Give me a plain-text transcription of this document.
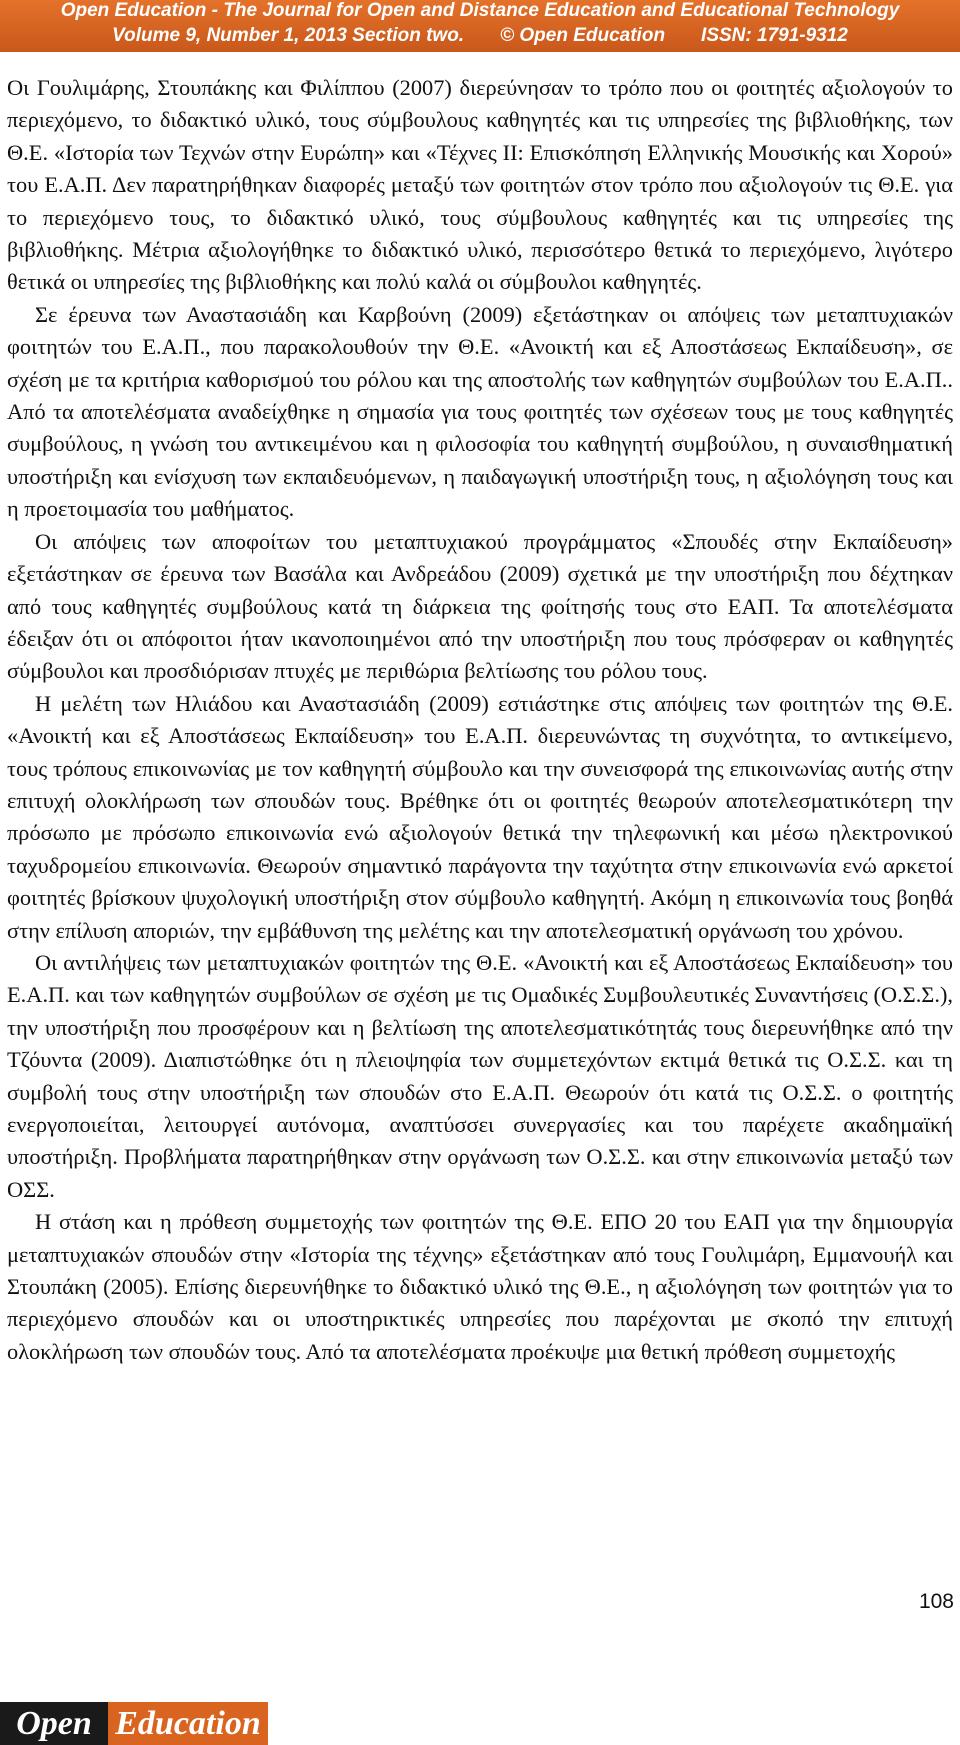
Open Education - The Journal for Open and Distance Education and Educational Technology
Volume 9, Number 1, 2013 Section two. © Open Education ISSN: 1791-9312

Οι Γουλιμάρης, Στουπάκης και Φιλίππου (2007) διερεύνησαν το τρόπο που οι φοιτητές αξιολογούν το περιεχόμενο, το διδακτικό υλικό, τους σύμβουλους καθηγητές και τις υπηρεσίες της βιβλιοθήκης, των Θ.Ε. «Ιστορία των Τεχνών στην Ευρώπη» και «Τέχνες ΙΙ: Επισκόπηση Ελληνικής Μουσικής και Χορού» του Ε.Α.Π. Δεν παρατηρήθηκαν διαφορές μεταξύ των φοιτητών στον τρόπο που αξιολογούν τις Θ.Ε. για το περιεχόμενο τους, το διδακτικό υλικό, τους σύμβουλους καθηγητές και τις υπηρεσίες της βιβλιοθήκης. Μέτρια αξιολογήθηκε το διδακτικό υλικό, περισσότερο θετικά το περιεχόμενο, λιγότερο θετικά οι υπηρεσίες της βιβλιοθήκης και πολύ καλά οι σύμβουλοι καθηγητές.

Σε έρευνα των Αναστασιάδη και Καρβούνη (2009) εξετάστηκαν οι απόψεις των μεταπτυχιακών φοιτητών του Ε.Α.Π., που παρακολουθούν την Θ.Ε. «Ανοικτή και εξ Αποστάσεως Εκπαίδευση», σε σχέση με τα κριτήρια καθορισμού του ρόλου και της αποστολής των καθηγητών συμβούλων του Ε.Α.Π.. Από τα αποτελέσματα αναδείχθηκε η σημασία για τους φοιτητές των σχέσεων τους με τους καθηγητές συμβούλους, η γνώση του αντικειμένου και η φιλοσοφία του καθηγητή συμβούλου, η συναισθηματική υποστήριξη και ενίσχυση των εκπαιδευόμενων, η παιδαγωγική υποστήριξη τους, η αξιολόγηση τους και η προετοιμασία του μαθήματος.

Οι απόψεις των αποφοίτων του μεταπτυχιακού προγράμματος «Σπουδές στην Εκπαίδευση» εξετάστηκαν σε έρευνα των Βασάλα και Ανδρεάδου (2009) σχετικά με την υποστήριξη που δέχτηκαν από τους καθηγητές συμβούλους κατά τη διάρκεια της φοίτησής τους στο ΕΑΠ. Τα αποτελέσματα έδειξαν ότι οι απόφοιτοι ήταν ικανοποιημένοι από την υποστήριξη που τους πρόσφεραν οι καθηγητές σύμβουλοι και προσδιόρισαν πτυχές με περιθώρια βελτίωσης του ρόλου τους.

Η μελέτη των Ηλιάδου και Αναστασιάδη (2009) εστιάστηκε στις απόψεις των φοιτητών της Θ.Ε. «Ανοικτή και εξ Αποστάσεως Εκπαίδευση» του Ε.Α.Π. διερευνώντας τη συχνότητα, το αντικείμενο, τους τρόπους επικοινωνίας με τον καθηγητή σύμβουλο και την συνεισφορά της επικοινωνίας αυτής στην επιτυχή ολοκλήρωση των σπουδών τους. Βρέθηκε ότι οι φοιτητές θεωρούν αποτελεσματικότερη την πρόσωπο με πρόσωπο επικοινωνία ενώ αξιολογούν θετικά την τηλεφωνική και μέσω ηλεκτρονικού ταχυδρομείου επικοινωνία. Θεωρούν σημαντικό παράγοντα την ταχύτητα στην επικοινωνία ενώ αρκετοί φοιτητές βρίσκουν ψυχολογική υποστήριξη στον σύμβουλο καθηγητή. Ακόμη η επικοινωνία τους βοηθά στην επίλυση αποριών, την εμβάθυνση της μελέτης και την αποτελεσματική οργάνωση του χρόνου.

Οι αντιλήψεις των μεταπτυχιακών φοιτητών της Θ.Ε. «Ανοικτή και εξ Αποστάσεως Εκπαίδευση» του Ε.Α.Π. και των καθηγητών συμβούλων σε σχέση με τις Ομαδικές Συμβουλευτικές Συναντήσεις (Ο.Σ.Σ.), την υποστήριξη που προσφέρουν και η βελτίωση της αποτελεσματικότητάς τους διερευνήθηκε από την Τζόυντα (2009). Διαπιστώθηκε ότι η πλειοψηφία των συμμετεχόντων εκτιμά θετικά τις Ο.Σ.Σ. και τη συμβολή τους στην υποστήριξη των σπουδών στο Ε.Α.Π. Θεωρούν ότι κατά τις Ο.Σ.Σ. ο φοιτητής ενεργοποιείται, λειτουργεί αυτόνομα, αναπτύσσει συνεργασίες και του παρέχετε ακαδημαϊκή υποστήριξη. Προβλήματα παρατηρήθηκαν στην οργάνωση των Ο.Σ.Σ. και στην επικοινωνία μεταξύ των ΟΣΣ.

Η στάση και η πρόθεση συμμετοχής των φοιτητών της Θ.Ε. ΕΠΟ 20 του ΕΑΠ για την δημιουργία μεταπτυχιακών σπουδών στην «Ιστορία της τέχνης» εξετάστηκαν από τους Γουλιμάρη, Εμμανουήλ και Στουπάκη (2005). Επίσης διερευνήθηκε το διδακτικό υλικό της Θ.Ε., η αξιολόγηση των φοιτητών για το περιεχόμενο σπουδών και οι υποστηρικτικές υπηρεσίες που παρέχονται με σκοπό την επιτυχή ολοκλήρωση των σπουδών τους. Από τα αποτελέσματα προέκυψε μια θετική πρόθεση συμμετοχής

108
Open Education
